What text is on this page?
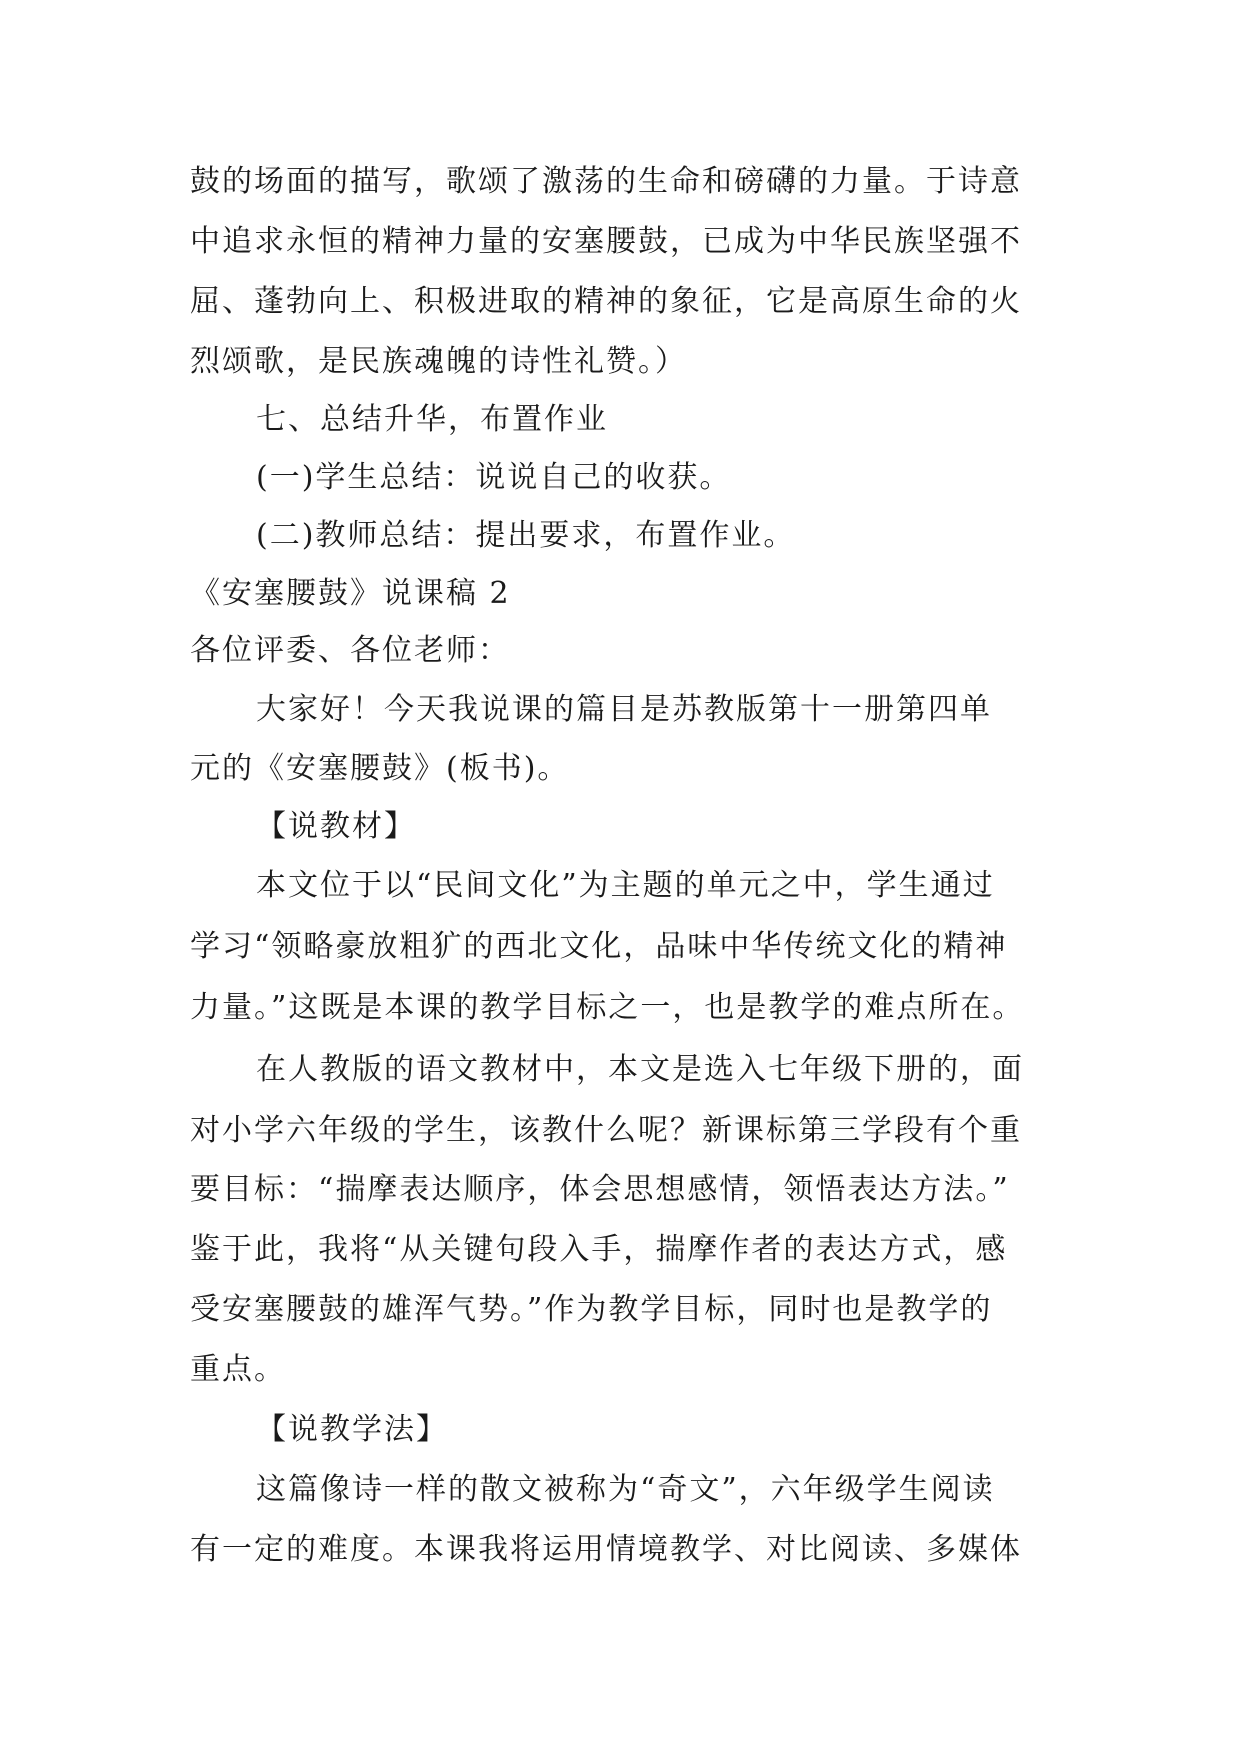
鼓的场面的描写，歌颂了激荡的生命和磅礴的力量。于诗意
中追求永恒的精神力量的安塞腰鼓，已成为中华民族坚强不
屈、蓬勃向上、积极进取的精神的象征，它是高原生命的火
烈颂歌，是民族魂魄的诗性礼赞。）
七、总结升华，布置作业
(一)学生总结：说说自己的收获。
(二)教师总结：提出要求，布置作业。
《安塞腰鼓》说课稿 2
各位评委、各位老师：
大家好！今天我说课的篇目是苏教版第十一册第四单
元的《安塞腰鼓》(板书)。
【说教材】
本文位于以“民间文化”为主题的单元之中，学生通过
学习“领略豪放粗犷的西北文化，品味中华传统文化的精神
力量。”这既是本课的教学目标之一，也是教学的难点所在。
在人教版的语文教材中，本文是选入七年级下册的，面
对小学六年级的学生，该教什么呢？新课标第三学段有个重
要目标：“揣摩表达顺序，体会思想感情，领悟表达方法。”
鉴于此，我将“从关键句段入手，揣摩作者的表达方式，感
受安塞腰鼓的雄浑气势。”作为教学目标，同时也是教学的
重点。
【说教学法】
这篇像诗一样的散文被称为“奇文”，六年级学生阅读
有一定的难度。本课我将运用情境教学、对比阅读、多媒体
